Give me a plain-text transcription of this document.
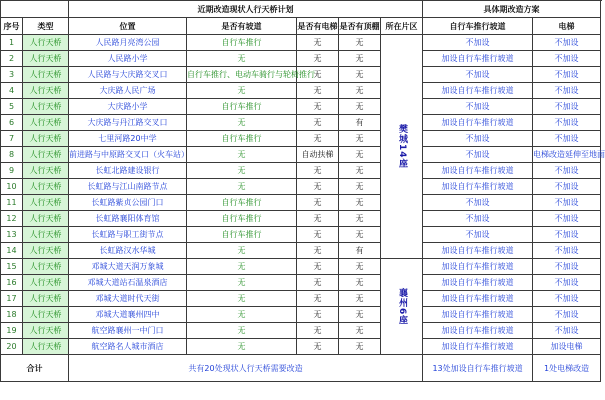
		近期改造现状人行天桥计划					具体期改造方案		
序号	类型	位置	是否有坡道	是否有电梯	是否有顶棚	所在片区	自行车推行坡道	电梯	
1	人行天桥	人民路月亮湾公园	自行车推行	无	无	樊城14座	不加设	不加设	
2	人行天桥	人民路小学	无	无	无		加设自行车推行坡道	不加设	
3	人行天桥	人民路与大庆路交叉口	自行车推行、电动车骑行与轮椅推行	无	无		不加设	不加设	
4	人行天桥	大庆路人民广场	无	无	无		加设自行车推行坡道	不加设	
5	人行天桥	大庆路小学	自行车推行	无	无		不加设	不加设	
6	人行天桥	大庆路与丹江路交叉口	无	无	有		加设自行车推行坡道	不加设	
7	人行天桥	七里河路20中学	自行车推行	无	无		不加设	不加设	
8	人行天桥	前进路与中原路交叉口（火车站）	无	自动扶梯	无		不加设	电梯改造延伸至地面	
9	人行天桥	长虹北路建设银行	无	无	无		加设自行车推行坡道	不加设	
10	人行天桥	长虹路与江山南路节点	无	无	无		加设自行车推行坡道	不加设	
11	人行天桥	长虹路紫贞公园门口	自行车推行	无	无		不加设	不加设	
12	人行天桥	长虹路襄阳体育馆	自行车推行	无	无		不加设	不加设	
13	人行天桥	长虹路与职工街节点	自行车推行	无	无		不加设	不加设	
14	人行天桥	长虹路汉水华城	无	无	有		加设自行车推行坡道	不加设	
15	人行天桥	邓城大道天润万象城	无	无	无	襄州6座	加设自行车推行坡道	不加设	
16	人行天桥	邓城大道站石温泉酒店	无	无	无		加设自行车推行坡道	不加设	
17	人行天桥	邓城大道时代天街	无	无	无		加设自行车推行坡道	不加设	
18	人行天桥	邓城大道襄州四中	无	无	无		加设自行车推行坡道	不加设	
19	人行天桥	航空路襄州一中门口	无	无	无		加设自行车推行坡道	不加设	
20	人行天桥	航空路名人城市酒店	无	无	无		加设自行车推行坡道	加设电梯	
合计		共有20处现状人行天桥需要改造					13处加设自行车推行坡道	1处电梯改造	
